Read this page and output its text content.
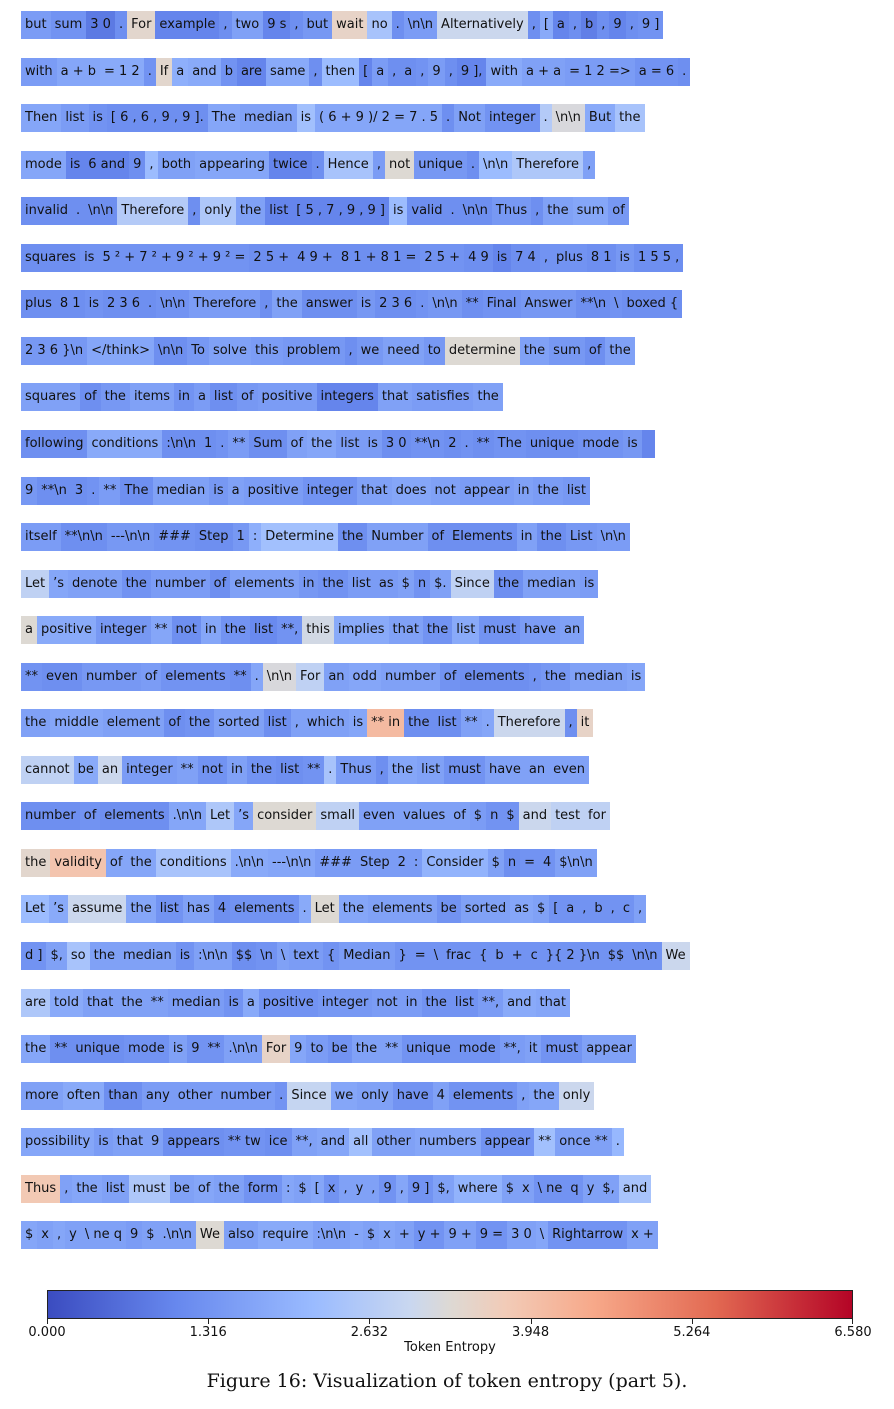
but sum 3 0 . For example , two 9 s , but wait no . \n\n Alternatively , [ a , b , 9 , 9 ]
with a + b = 1 2 . If a and b are same , then [ a , a , 9 , 9 ], with a + a = 1 2 => a = 6 .
Then list is [ 6 , 6 , 9 , 9 ]. The median is ( 6 + 9 )/ 2 = 7 . 5 . Not integer . \n\n But the
mode is 6 and 9 , both appearing twice . Hence , not unique . \n\n Therefore ,
invalid . \n\n Therefore , only the list [ 5 , 7 , 9 , 9 ] is valid . \n\n Thus , the sum of
squares is 5 ² + 7 ² + 9 ² + 9 ² = 2 5 + 4 9 + 8 1 + 8 1 = 2 5 + 4 9 is 7 4 , plus 8 1 is 1 5 5 ,
plus 8 1 is 2 3 6 . \n\n Therefore , the answer is 2 3 6 . \n\n ** Final Answer **\n \ boxed {
2 3 6 }\n </think> \n\n To solve this problem , we need to determine the sum of the
squares of the items in a list of positive integers that satisfies the
following conditions :\n\n 1 . ** Sum of the list is 3 0 **\n 2 . ** The unique mode is
9 **\n 3 . ** The median is a positive integer that does not appear in the list
itself **\n\n ---\n\n ### Step 1 : Determine the Number of Elements in the List \n\n
Let ’s denote the number of elements in the list as $ n $. Since the median is
a positive integer ** not in the list **, this implies that the list must have an
** even number of elements ** . \n\n For an odd number of elements , the median is
the middle element of the sorted list , which is ** in the list ** . Therefore , it
cannot be an integer ** not in the list ** . Thus , the list must have an even
number of elements .\n\n Let ’s consider small even values of $ n $ and test for
the validity of the conditions .\n\n ---\n\n ### Step 2 : Consider $ n = 4 $\n\n
Let ’s assume the list has 4 elements . Let the elements be sorted as $ [ a , b , c ,
d ] $, so the median is :\n\n $$ \n \ text { Median } = \ frac { b + c }{ 2 }\n $$ \n\n We
are told that the ** median is a positive integer not in the list **, and that
the ** unique mode is 9 ** .\n\n For 9 to be the ** unique mode **, it must appear
more often than any other number . Since we only have 4 elements , the only
possibility is that 9 appears ** tw ice **, and all other numbers appear ** once ** .
Thus , the list must be of the form : $ [ x , y , 9 , 9 ] $, where $ x \ ne q y $, and
$ x , y \ ne q 9 $ .\n\n We also require :\n\n - $ x + y + 9 + 9 = 3 0 \ Rightarrow x +
0.000	1.316	2.632	3.948	5.264	6.580
Token Entropy
Figure 16: Visualization of token entropy (part 5).
